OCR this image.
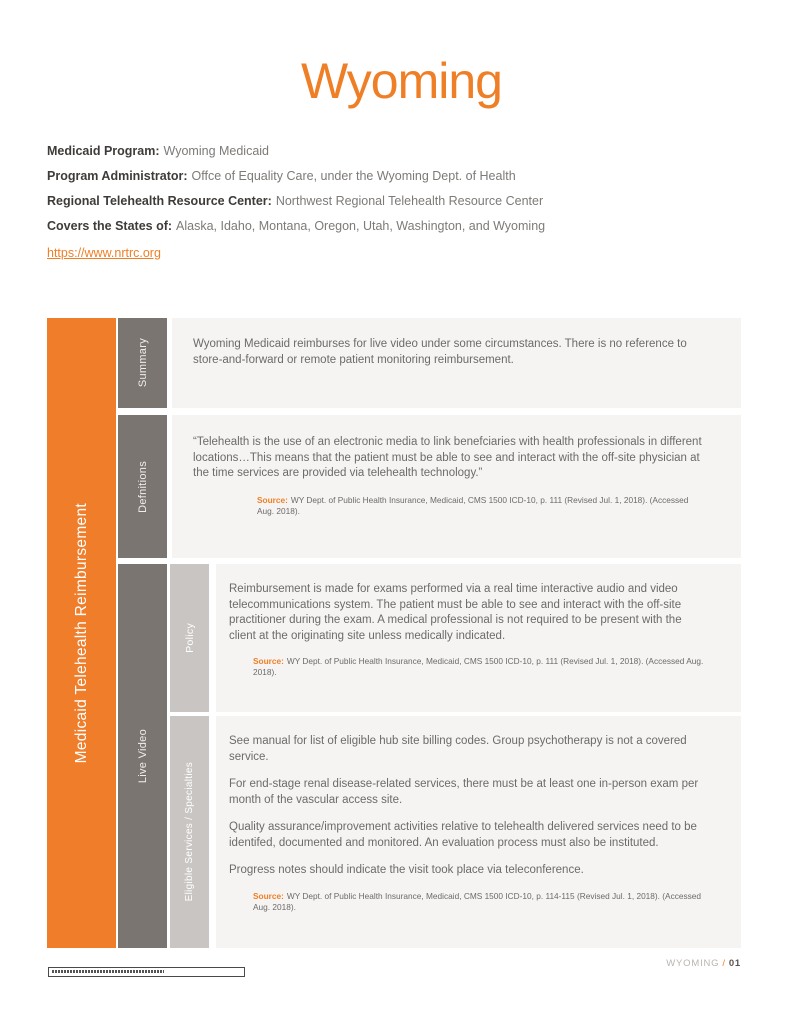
Wyoming

Medicaid Program: Wyoming Medicaid

Program Administrator: Offce of Equality Care, under the Wyoming Dept. of Health

Regional Telehealth Resource Center: Northwest Regional Telehealth Resource Center

Covers the States of: Alaska, Idaho, Montana, Oregon, Utah, Washington, and Wyoming

https://www.nrtrc.org
Medicaid Telehealth Reimbursement
Summary
Defnitions
Live Video
Policy
Eligible Services / Specialties

Wyoming Medicaid reimburses for live video under some circumstances. There is no reference to store-and-forward or remote patient monitoring reimbursement.

“Telehealth is the use of an electronic media to link benefciaries with health professionals in different locations…This means that the patient must be able to see and interact with the off-site physician at the time services are provided via telehealth technology.”

Source: WY Dept. of Public Health Insurance, Medicaid, CMS 1500 ICD-10, p. 111 (Revised Jul. 1, 2018). (Accessed Aug. 2018).

Reimbursement is made for exams performed via a real time interactive audio and video telecommunications system. The patient must be able to see and interact with the off-site practitioner during the exam. A medical professional is not required to be present with the client at the originating site unless medically indicated.

Source: WY Dept. of Public Health Insurance, Medicaid, CMS 1500 ICD-10, p. 111 (Revised Jul. 1, 2018). (Accessed Aug. 2018).

See manual for list of eligible hub site billing codes. Group psychotherapy is not a covered service.

For end-stage renal disease-related services, there must be at least one in-person exam per month of the vascular access site.

Quality assurance/improvement activities relative to telehealth delivered services need to be identifed, documented and monitored. An evaluation process must also be instituted.

Progress notes should indicate the visit took place via teleconference.

Source: WY Dept. of Public Health Insurance, Medicaid, CMS 1500 ICD-10, p. 114-115 (Revised Jul. 1, 2018). (Accessed Aug. 2018).

WYOMING / 01
